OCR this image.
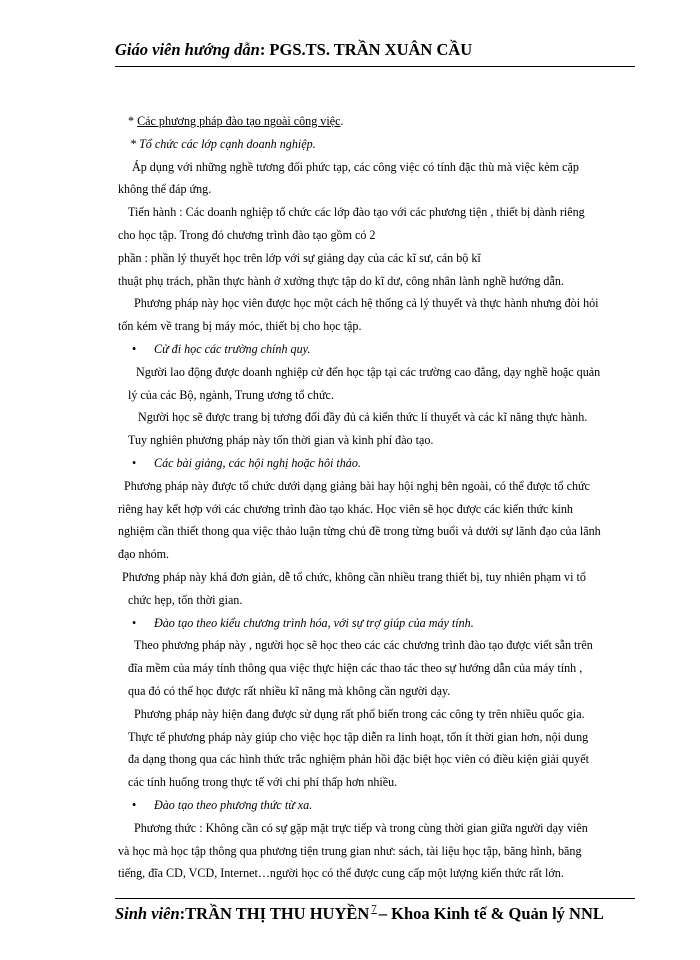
Giáo viên hướng dẫn: PGS.TS. TRẦN XUÂN CẦU
* Các phương pháp đào tạo ngoài công việc.
* Tổ chức các lớp cạnh doanh nghiệp.
Áp dụng với những nghề tương đối phức tạp, các công việc có tính đặc thù mà việc kèm cặp
không thể đáp ứng.
Tiến hành : Các doanh nghiệp tổ chức các lớp đào tạo với các phương tiện , thiết bị dành riêng
cho học tập. Trong đó chương trình đào tạo gồm có 2
phần : phần lý thuyết học trên lớp với sự giảng dạy của các kĩ sư, cán bộ kĩ
thuật phụ trách, phần thực hành ở xưởng thực tập do kĩ dư, công nhân lành nghề hướng dẫn.
Phương pháp này học viên được học một cách hệ thống cả lý thuyết và thực hành nhưng đòi hỏi
tốn kém về trang bị máy móc, thiết bị cho học tập.
• Cử đi học các trường chính quy.
Người lao động được doanh nghiệp cử đến học tập tại các trường cao đẳng, dạy nghề hoặc quản
lý của các Bộ, ngành, Trung ương tổ chức.
Người học sẽ được trang bị tương đối đầy đủ cả kiến thức lí thuyết và các kĩ năng thực hành.
Tuy nghiên phương pháp này tốn thời gian và kinh phí đào tạo.
• Các bài giảng, các hội nghị hoặc hôi thảo.
Phương pháp này được tổ chức dưới dạng giảng bài hay hội nghị bên ngoài, có thể được tổ chức
riêng hay kết hợp với các chương trình đào tạo khác. Học viên sẽ học được các kiến thức kinh
nghiệm cần thiết thong qua việc thảo luận từng chủ đề trong từng buổi và dưới sự lãnh đạo của lãnh
đạo nhóm.
Phương pháp này khá đơn giản, dễ tổ chức, không cần nhiều trang thiết bị, tuy nhiên phạm vi tổ
chức hẹp, tốn thời gian.
• Đào tạo theo kiểu chương trình hóa, với sự trợ giúp của máy tính.
Theo phương pháp này , người học sẽ học theo các các chương trình đào tạo được viết sẵn trên
đĩa mềm của máy tính thông qua việc thực hiện các thao tác theo sự hướng dẫn của máy tính ,
qua đó có thể học được rất nhiều kĩ năng mà không cần người dạy.
Phương pháp này hiện đang được sử dụng rất phổ biến trong các công ty trên nhiều quốc gia.
Thực tế phương pháp này giúp cho việc học tập diễn ra linh hoạt, tốn ít thời gian hơn, nội dung
đa dạng thong qua các hình thức trắc nghiệm phản hồi đặc biệt học viên có điều kiện giải quyết
các tính huống trong thực tế với chi phí thấp hơn nhiều.
• Đào tạo theo phương thức từ xa.
Phương thức : Không cần có sự gặp mặt trực tiếp và trong cùng thời gian giữa người dạy viên
và học mà học tập thông qua phương tiện trung gian như: sách, tài liệu học tập, băng hình, băng
tiếng, đĩa CD, VCD, Internet…người học có thể được cung cấp một lượng kiến thức rất lớn.
Sinh viên:TRẦN THỊ THU HUYỀN $^7$ – Khoa Kinh tế & Quản lý NNL
